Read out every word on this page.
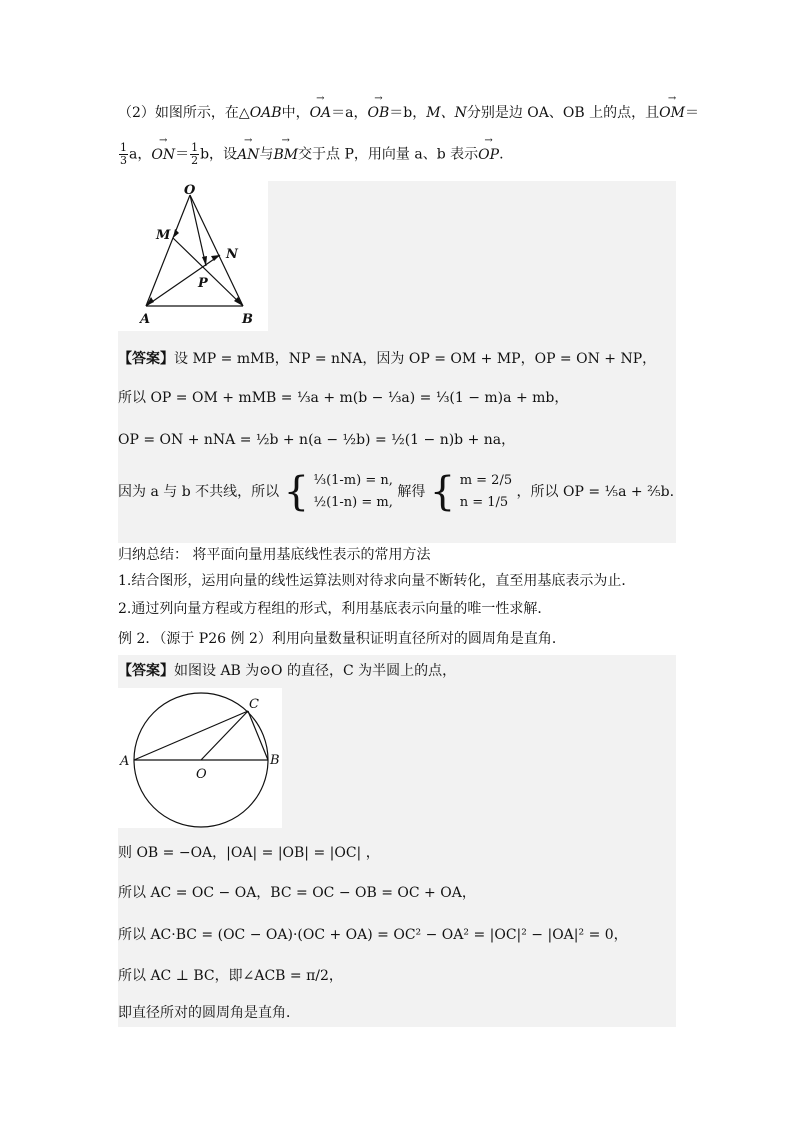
（2）如图所示，在△OAB中，→ OA＝a，→ OB＝b，M、N分别是边 OA、OB 上的点，且→ OM＝
$\frac{1}{3}$ a，→ $ON= \frac{1}{2}$ b，设→ AN与→ BM交于点 P，用向量 a、b 表示→ OP.
O
M
N
P
A	B
【答案】设 MP = mMB，NP = nNA，因为 OP = OM + MP，OP = ON + NP，
所以 OP = OM + mMB = ⅓a + m(b − ⅓a) = ⅓(1 − m)a + mb，
OP = ON + nNA = ½b + n(a − ½b) = ½(1 − n)b + na，
因为 a 与 b 不共线，所以 { ⅓(1-m) = n,
½(1-n) = m,
解得 { m = 2/5
n = 1/5
，所以 OP = ⅕a + ⅖b.
归纳总结： 将平面向量用基底线性表示的常用方法
1.结合图形，运用向量的线性运算法则对待求向量不断转化，直至用基底表示为止．
2.通过列向量方程或方程组的形式，利用基底表示向量的唯一性求解．
例 2．（源于 P26 例 2）利用向量数量积证明直径所对的圆周角是直角．
【答案】如图设 AB 为⊙O 的直径，C 为半圆上的点，
A	B
C
O
则 OB = −OA，|OA| = |OB| = |OC| ，
所以 AC = OC − OA，BC = OC − OB = OC + OA，
所以 AC·BC = (OC − OA)·(OC + OA) = OC² − OA² = |OC|² − |OA|² = 0，
所以 AC ⊥ BC，即∠ACB = π/2，
即直径所对的圆周角是直角．
